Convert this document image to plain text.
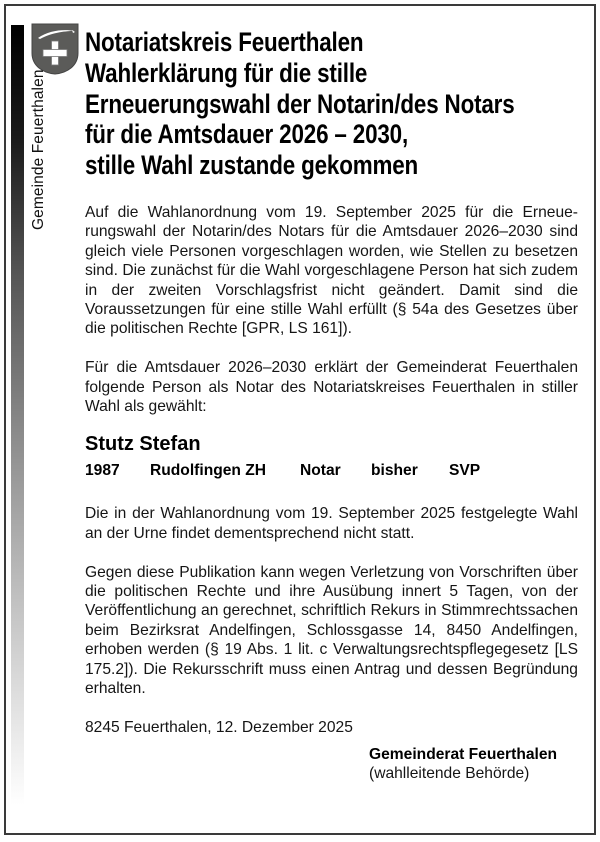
Gemeinde Feuerthalen
Notariatskreis Feuerthalen
Wahlerklärung für die stille
Erneuerungswahl der Notarin/des Notars
für die Amtsdauer 2026 – 2030,
stille Wahl zustande gekommen

Auf die Wahlanordnung vom 19. September 2025 für die Erneuerungswahl der Notarin/des Notars für die Amtsdauer 2026–2030 sind gleich viele Personen vorgeschlagen worden, wie Stellen zu besetzen sind. Die zunächst für die Wahl vorgeschlagene Person hat sich zudem in der zweiten Vorschlagsfrist nicht geändert. Damit sind die Voraussetzungen für eine stille Wahl erfüllt (§ 54a des Gesetzes über die politischen Rechte [GPR, LS 161]).

Für die Amtsdauer 2026–2030 erklärt der Gemeinderat Feuerthalen folgende Person als Notar des Notariatskreises Feuerthalen in stiller Wahl als gewählt:

Stutz Stefan
1987 Rudolfingen ZH Notar bisher SVP

Die in der Wahlanordnung vom 19. September 2025 festgelegte Wahl an der Urne findet dementsprechend nicht statt.

Gegen diese Publikation kann wegen Verletzung von Vorschriften über die politischen Rechte und ihre Ausübung innert 5 Tagen, von der Veröffentlichung an gerechnet, schriftlich Rekurs in Stimmrechtssachen beim Bezirksrat Andelfingen, Schlossgasse 14, 8450 Andelfingen, erhoben werden (§ 19 Abs. 1 lit. c Verwaltungsrechtspflegegesetz [LS 175.2]). Die Rekursschrift muss einen Antrag und dessen Begründung erhalten.

8245 Feuerthalen, 12. Dezember 2025

Gemeinderat Feuerthalen
(wahlleitende Behörde)
